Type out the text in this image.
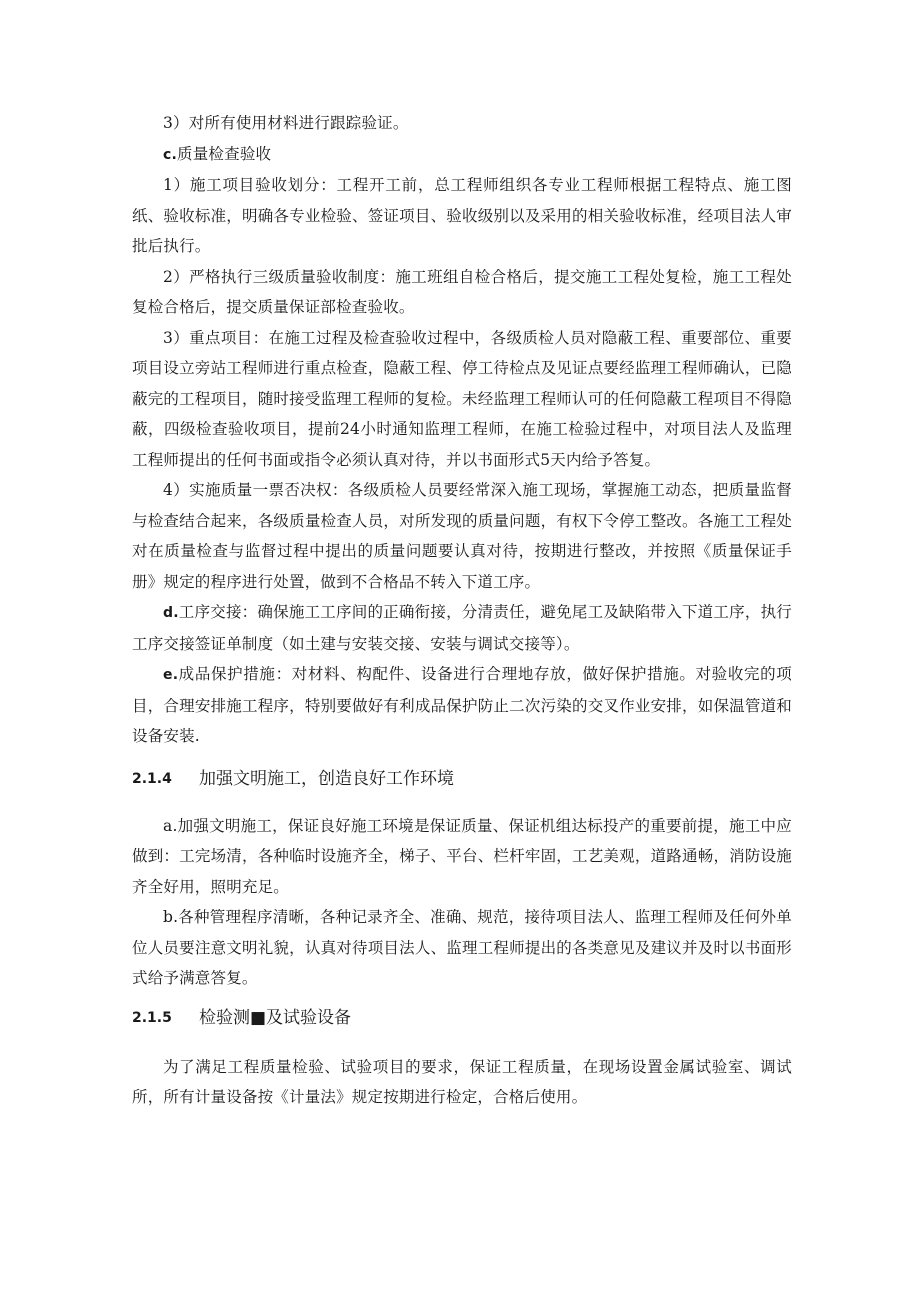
3）对所有使用材料进行跟踪验证。

c.质量检查验收

1）施工项目验收划分：工程开工前，总工程师组织各专业工程师根据工程特点、施工图纸、验收标准，明确各专业检验、签证项目、验收级别以及采用的相关验收标准，经项目法人审批后执行。

2）严格执行三级质量验收制度：施工班组自检合格后，提交施工工程处复检，施工工程处复检合格后，提交质量保证部检查验收。

3）重点项目：在施工过程及检查验收过程中，各级质检人员对隐蔽工程、重要部位、重要项目设立旁站工程师进行重点检查，隐蔽工程、停工待检点及见证点要经监理工程师确认，已隐蔽完的工程项目，随时接受监理工程师的复检。未经监理工程师认可的任何隐蔽工程项目不得隐蔽，四级检查验收项目，提前24小时通知监理工程师，在施工检验过程中，对项目法人及监理工程师提出的任何书面或指令必须认真对待，并以书面形式5天内给予答复。

4）实施质量一票否决权：各级质检人员要经常深入施工现场，掌握施工动态，把质量监督与检查结合起来，各级质量检查人员，对所发现的质量问题，有权下令停工整改。各施工工程处对在质量检查与监督过程中提出的质量问题要认真对待，按期进行整改，并按照《质量保证手册》规定的程序进行处置，做到不合格品不转入下道工序。

d.工序交接：确保施工工序间的正确衔接，分清责任，避免尾工及缺陷带入下道工序，执行工序交接签证单制度（如土建与安装交接、安装与调试交接等）。

e.成品保护措施：对材料、构配件、设备进行合理地存放，做好保护措施。对验收完的项目，合理安排施工程序，特别要做好有利成品保护防止二次污染的交叉作业安排，如保温管道和设备安装.

2.1.4	加强文明施工，创造良好工作环境

a.加强文明施工，保证良好施工环境是保证质量、保证机组达标投产的重要前提，施工中应做到：工完场清，各种临时设施齐全，梯子、平台、栏杆牢固，工艺美观，道路通畅，消防设施齐全好用，照明充足。

b.各种管理程序清晰，各种记录齐全、准确、规范，接待项目法人、监理工程师及任何外单位人员要注意文明礼貌，认真对待项目法人、监理工程师提出的各类意见及建议并及时以书面形式给予满意答复。

2.1.5	检验测■及试验设备

为了满足工程质量检验、试验项目的要求，保证工程质量，在现场设置金属试验室、调试所，所有计量设备按《计量法》规定按期进行检定，合格后使用。
